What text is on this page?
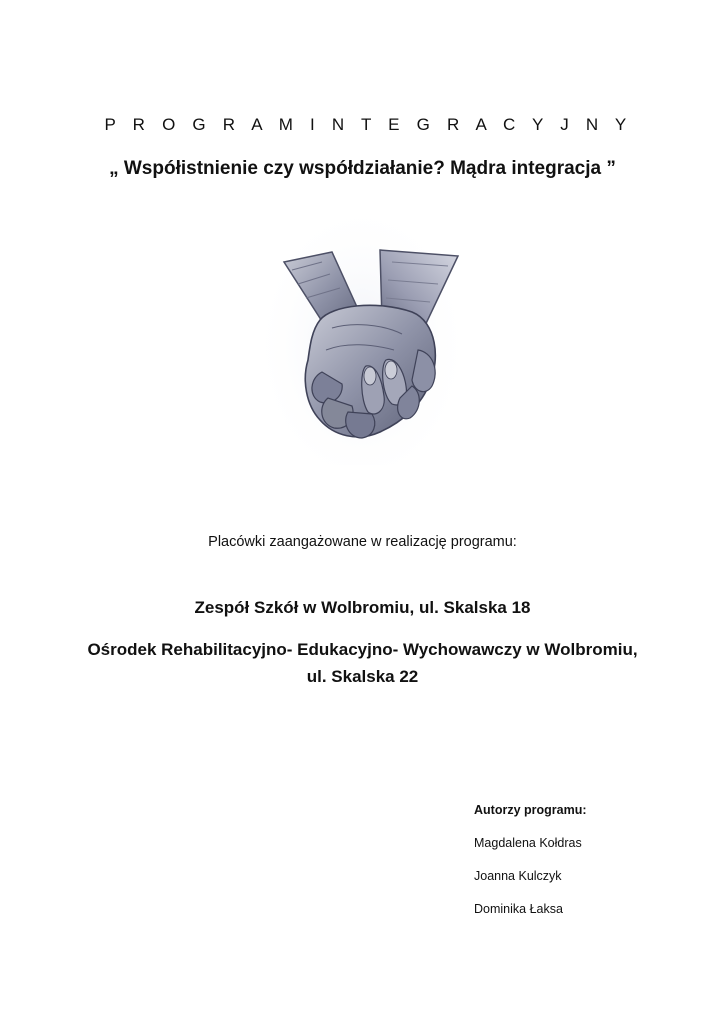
P R O G R A M I N T E G R A C Y J N Y
„ Współistnienie czy współdziałanie? Mądra integracja ”
Placówki zaangażowane w realizację programu:
Zespół Szkół w Wolbromiu, ul. Skalska 18
Ośrodek Rehabilitacyjno- Edukacyjno- Wychowawczy w Wolbromiu,
ul. Skalska 22
Autorzy programu:
Magdalena Kołdras
Joanna Kulczyk
Dominika Łaksa
